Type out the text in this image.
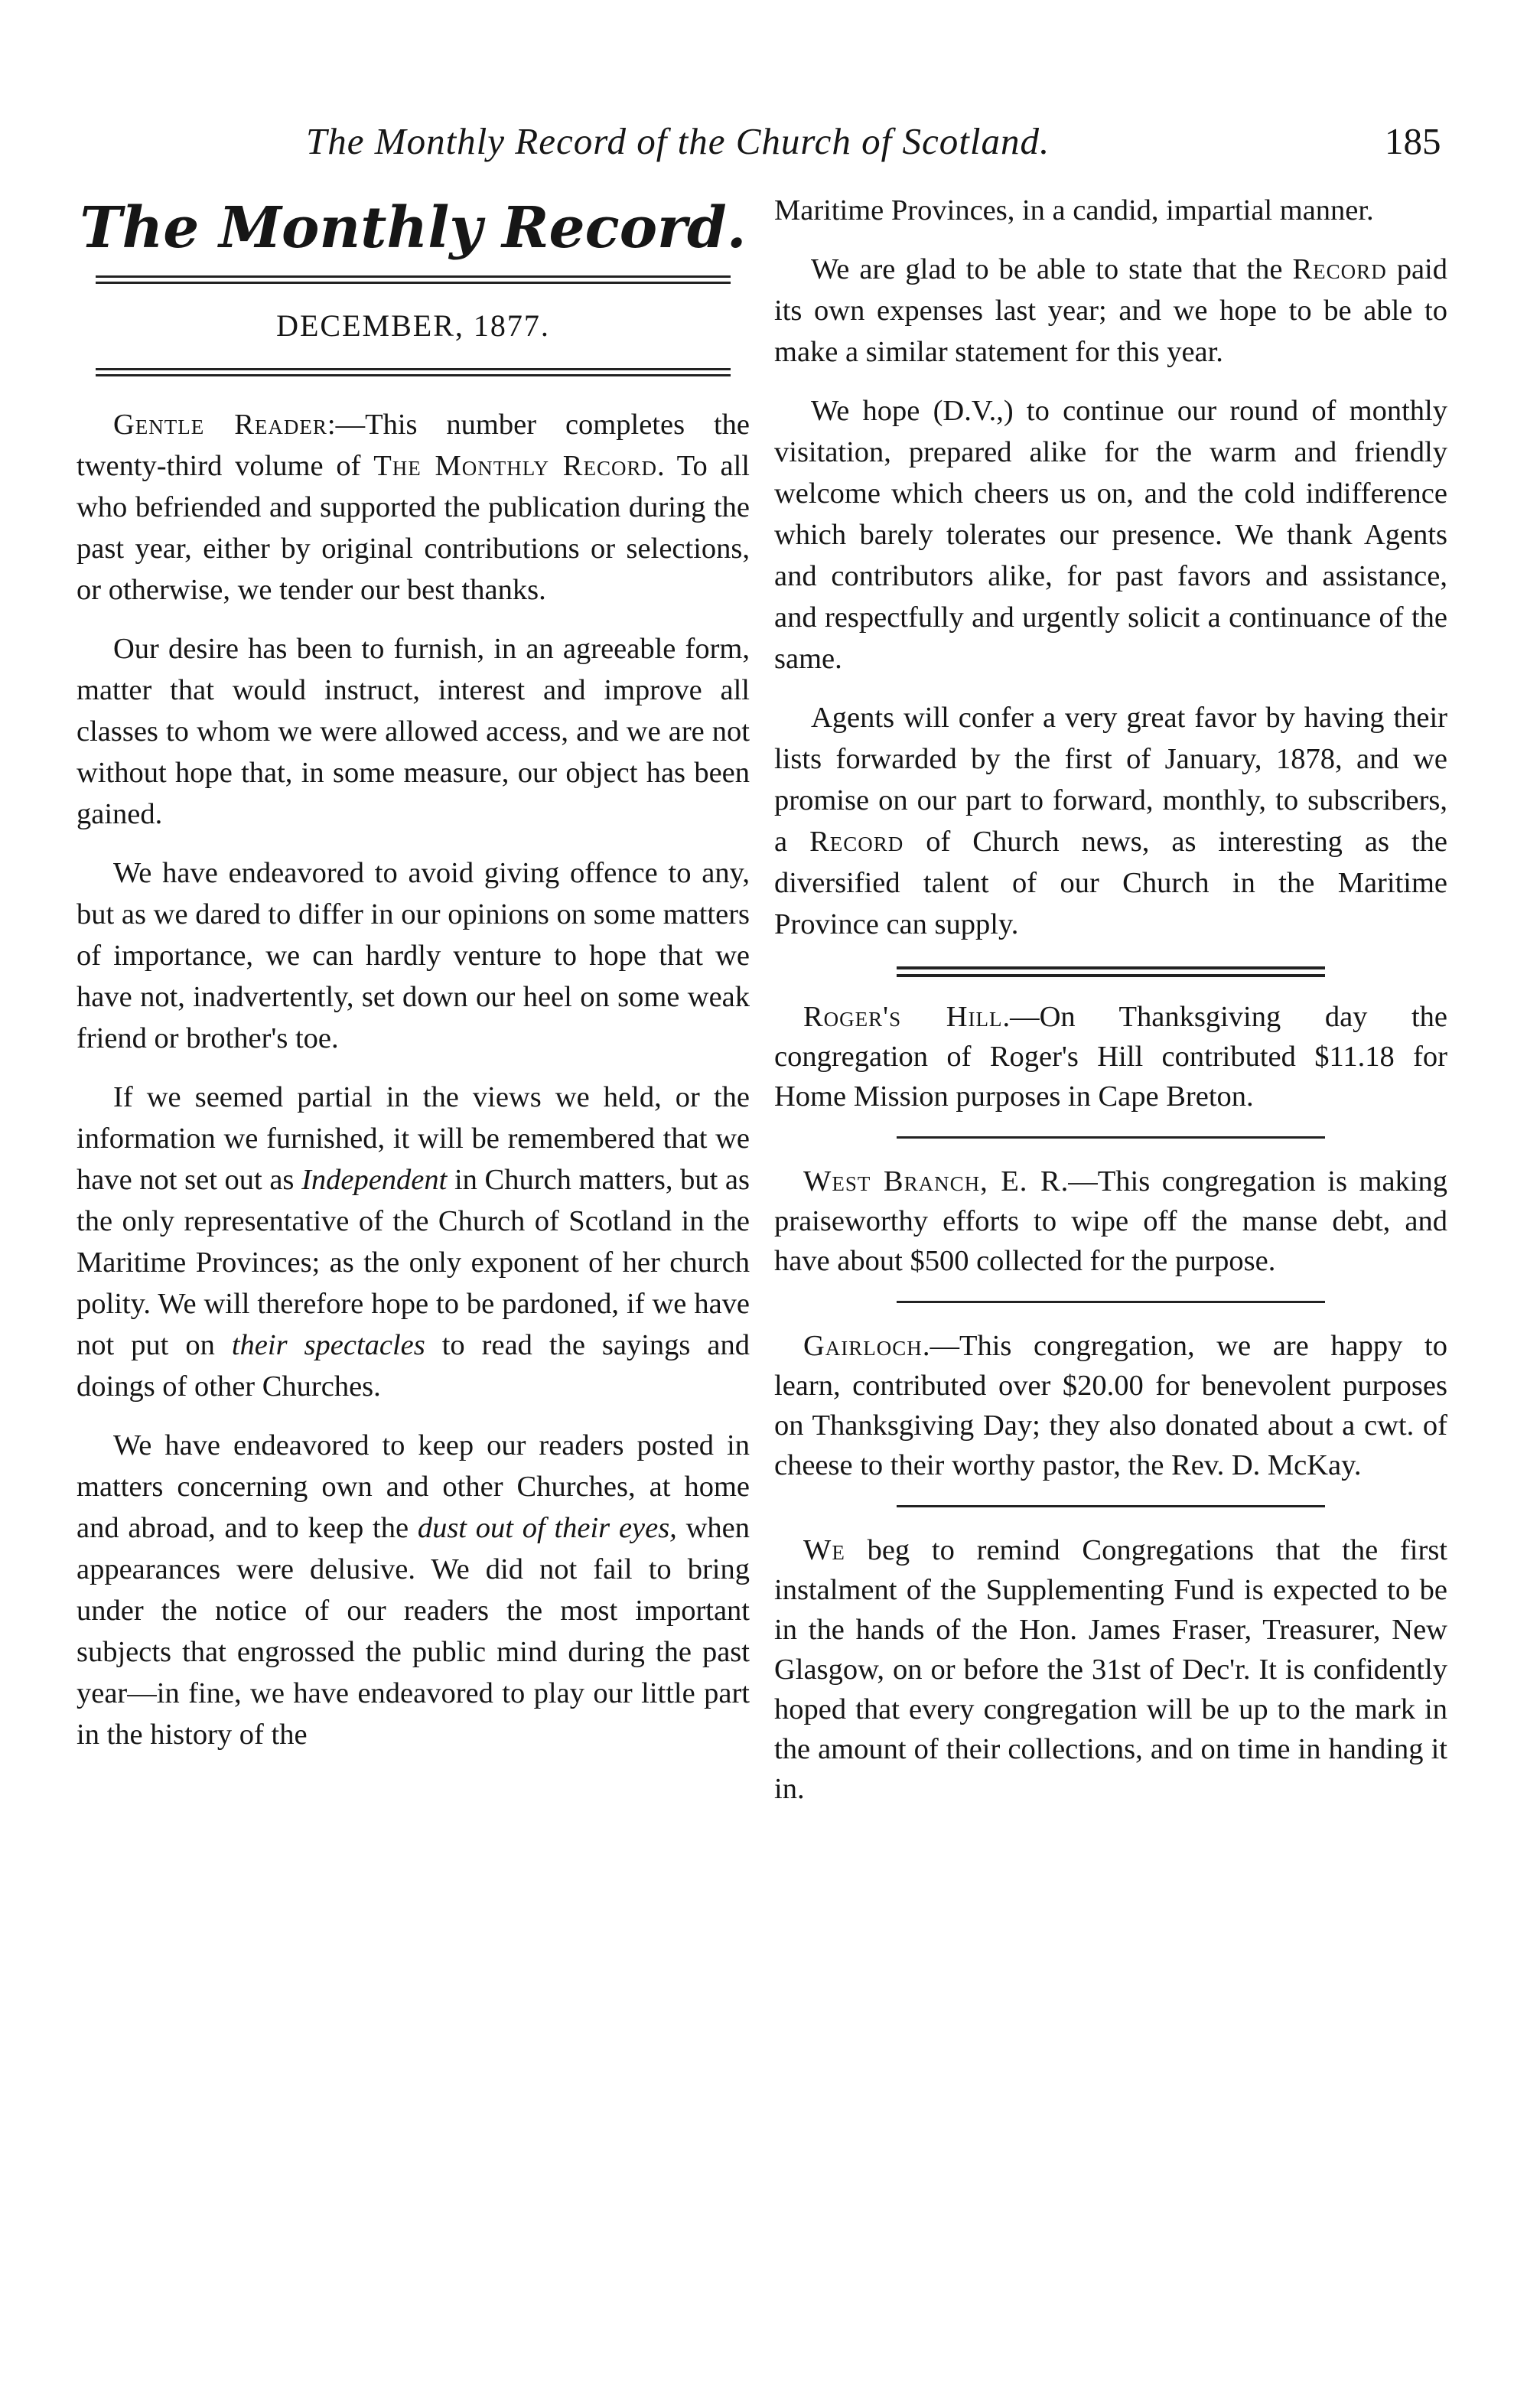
The Monthly Record of the Church of Scotland.	185
The Monthly Record.
DECEMBER, 1877.

Gentle Reader:—This number completes the twenty-third volume of The Monthly Record. To all who befriended and supported the publication during the past year, either by original contributions or selections, or otherwise, we tender our best thanks.

Our desire has been to furnish, in an agreeable form, matter that would instruct, interest and improve all classes to whom we were allowed access, and we are not without hope that, in some measure, our object has been gained.

We have endeavored to avoid giving offence to any, but as we dared to differ in our opinions on some matters of importance, we can hardly venture to hope that we have not, inadvertently, set down our heel on some weak friend or brother's toe.

If we seemed partial in the views we held, or the information we furnished, it will be remembered that we have not set out as Independent in Church matters, but as the only representative of the Church of Scotland in the Maritime Provinces; as the only exponent of her church polity. We will therefore hope to be pardoned, if we have not put on their spectacles to read the sayings and doings of other Churches.

We have endeavored to keep our readers posted in matters concerning own and other Churches, at home and abroad, and to keep the dust out of their eyes, when appearances were delusive. We did not fail to bring under the notice of our readers the most important subjects that engrossed the public mind during the past year—in fine, we have endeavored to play our little part in the history of the

Maritime Provinces, in a candid, impartial manner.

We are glad to be able to state that the Record paid its own expenses last year; and we hope to be able to make a similar statement for this year.

We hope (D.V.,) to continue our round of monthly visitation, prepared alike for the warm and friendly welcome which cheers us on, and the cold indifference which barely tolerates our presence. We thank Agents and contributors alike, for past favors and assistance, and respectfully and urgently solicit a continuance of the same.

Agents will confer a very great favor by having their lists forwarded by the first of January, 1878, and we promise on our part to forward, monthly, to subscribers, a Record of Church news, as interesting as the diversified talent of our Church in the Maritime Province can supply.

Roger's Hill.—On Thanksgiving day the congregation of Roger's Hill contributed $11.18 for Home Mission purposes in Cape Breton.

West Branch, E. R.—This congregation is making praiseworthy efforts to wipe off the manse debt, and have about $500 collected for the purpose.

Gairloch.—This congregation, we are happy to learn, contributed over $20.00 for benevolent purposes on Thanksgiving Day; they also donated about a cwt. of cheese to their worthy pastor, the Rev. D. McKay.

We beg to remind Congregations that the first instalment of the Supplementing Fund is expected to be in the hands of the Hon. James Fraser, Treasurer, New Glasgow, on or before the 31st of Dec'r. It is confidently hoped that every congregation will be up to the mark in the amount of their collections, and on time in handing it in.
